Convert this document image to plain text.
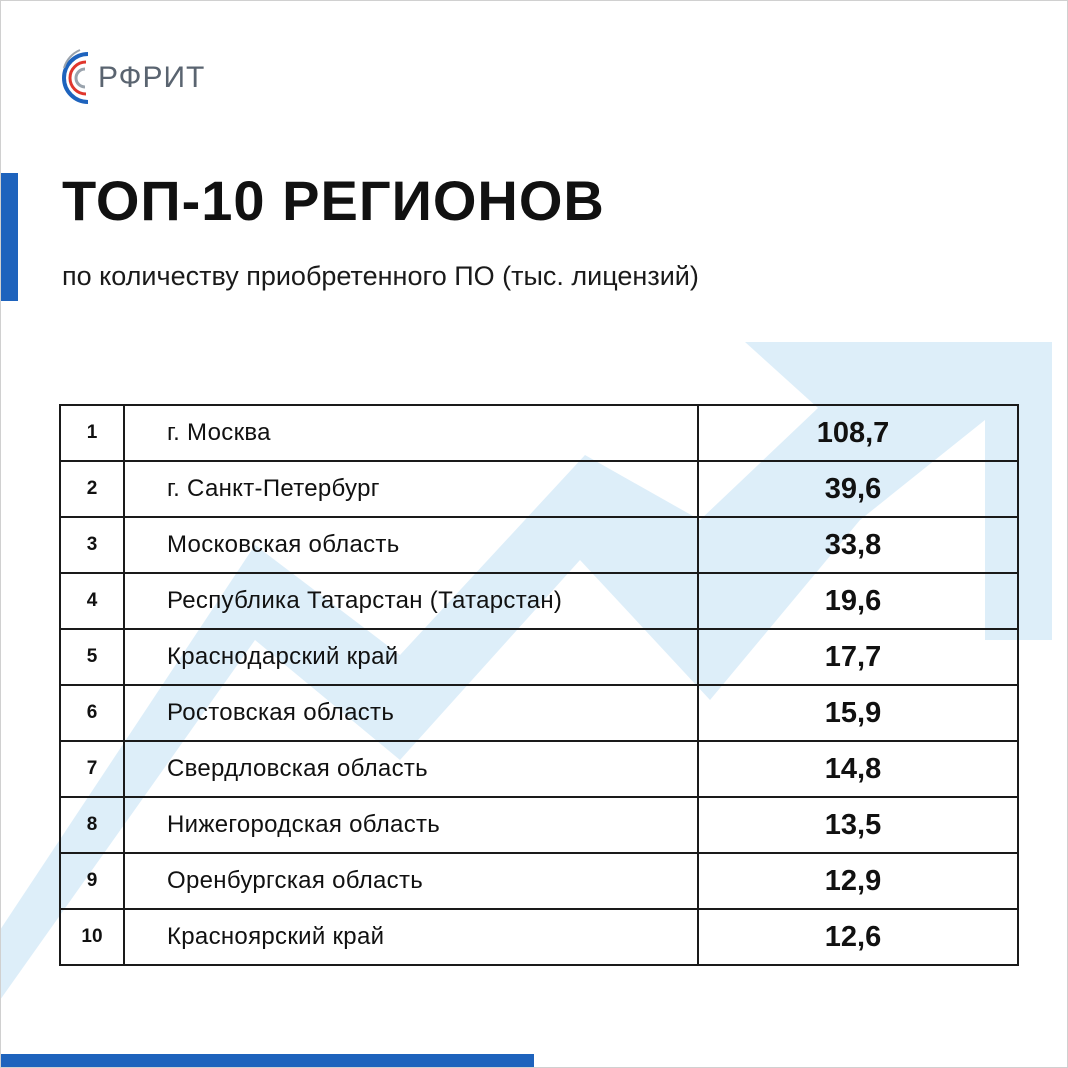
РФРИТ
ТОП-10 РЕГИОНОВ

по количеству приобретенного ПО (тыс. лицензий)

1	г. Москва	108,7
2	г. Санкт-Петербург	39,6
3	Московская область	33,8
4	Республика Татарстан (Татарстан)	19,6
5	Краснодарский край	17,7
6	Ростовская область	15,9
7	Свердловская область	14,8
8	Нижегородская область	13,5
9	Оренбургская область	12,9
10	Красноярский край	12,6
